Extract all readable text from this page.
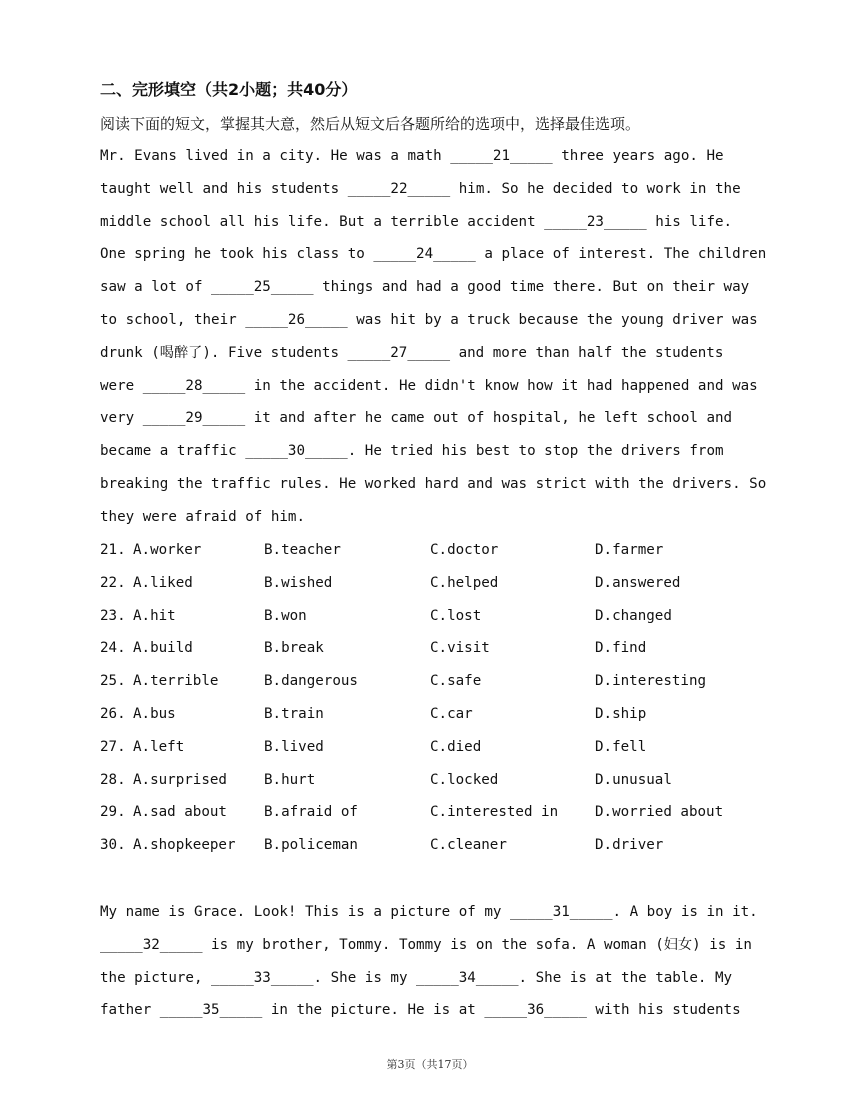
二、完形填空（共2小题；共40分）
阅读下面的短文，掌握其大意，然后从短文后各题所给的选项中，选择最佳选项。
Mr. Evans lived in a city. He was a math _____21_____ three years ago. He
taught well and his students _____22_____ him. So he decided to work in the
middle school all his life. But a terrible accident _____23_____ his life.
One spring he took his class to _____24_____ a place of interest. The children
saw a lot of _____25_____ things and had a good time there. But on their way
to school, their _____26_____ was hit by a truck because the young driver was
drunk (喝醉了). Five students _____27_____ and more than half the students
were _____28_____ in the accident. He didn't know how it had happened and was
very _____29_____ it and after he came out of hospital, he left school and
became a traffic _____30_____. He tried his best to stop the drivers from
breaking the traffic rules. He worked hard and was strict with the drivers. So
they were afraid of him.
21. A.worker	B.teacher	C.doctor	D.farmer
22. A.liked	B.wished	C.helped	D.answered
23. A.hit	B.won	C.lost	D.changed
24. A.build	B.break	C.visit	D.find
25. A.terrible	B.dangerous	C.safe	D.interesting
26. A.bus	B.train	C.car	D.ship
27. A.left	B.lived	C.died	D.fell
28. A.surprised	B.hurt	C.locked	D.unusual
29. A.sad about	B.afraid of	C.interested in	D.worried about
30. A.shopkeeper B.policeman	C.cleaner	D.driver
My name is Grace. Look! This is a picture of my _____31_____. A boy is in it.
_____32_____ is my brother, Tommy. Tommy is on the sofa. A woman (妇女) is in
the picture, _____33_____. She is my _____34_____. She is at the table. My
father _____35_____ in the picture. He is at _____36_____ with his students
第3页（共17页）
